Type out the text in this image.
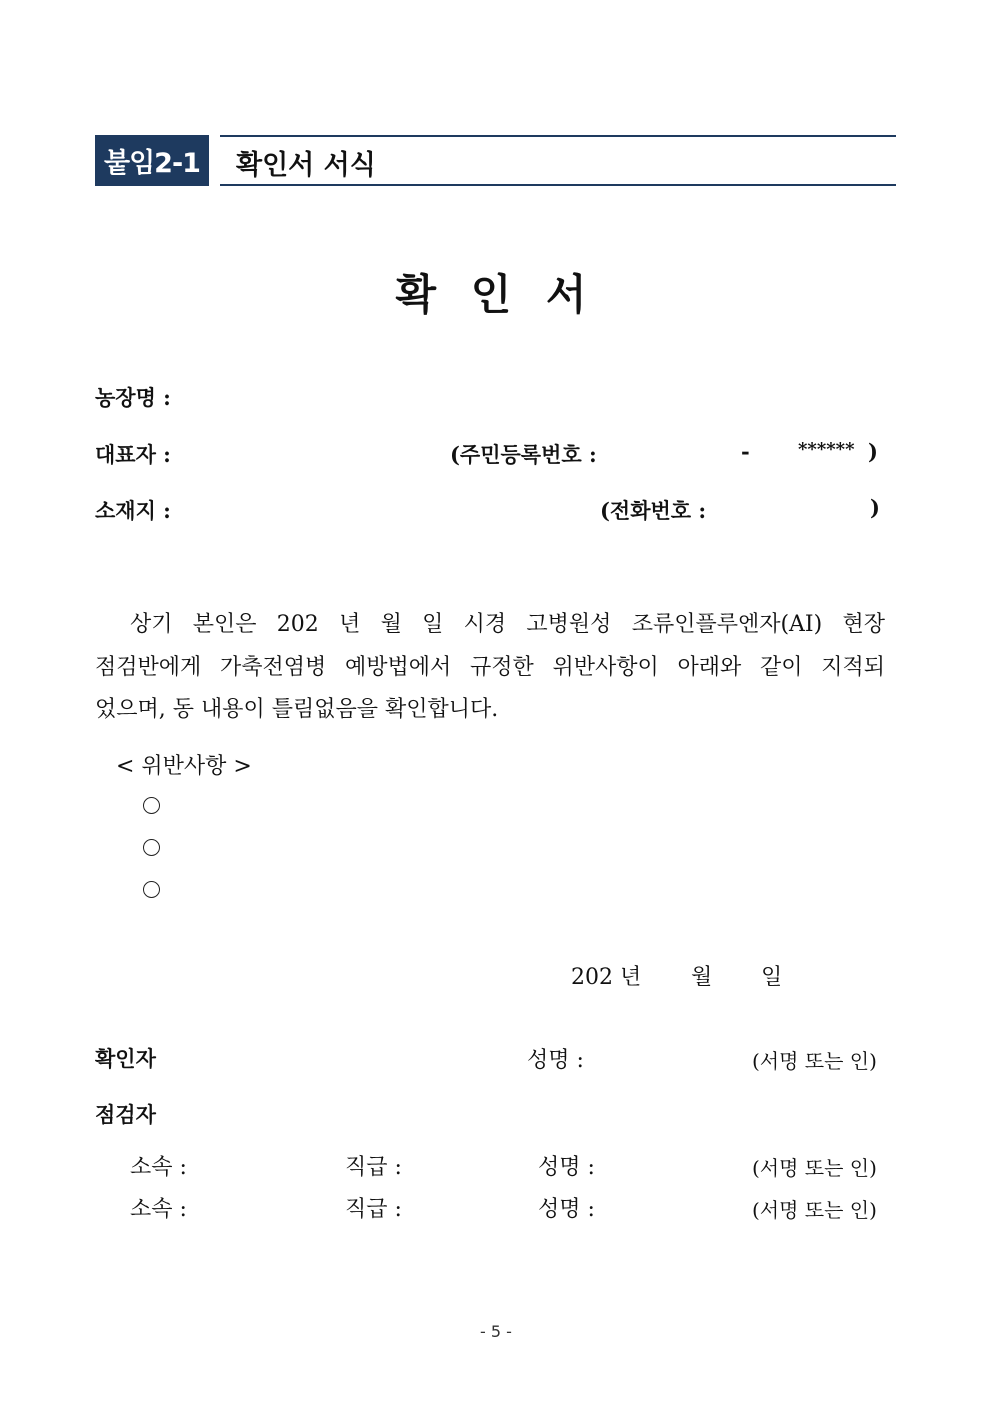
붙임2-1	확인서 서식
확 인 서
농장명 :
대표자 :	(주민등록번호 :	-	****** )
소재지 :	(전화번호 :	)
상기 본인은 202 년 월 일 시경 고병원성 조류인플루엔자(AI) 현장
점검반에게 가축전염병 예방법에서 규정한 위반사항이 아래와 같이 지적되
었으며, 동 내용이 틀림없음을 확인합니다.
< 위반사항 >
202 년 월 일
확인자	성명 :	(서명 또는 인)
점검자
소속 :	직급 :	성명 :	(서명 또는 인)
소속 :	직급 :	성명 :	(서명 또는 인)
- 5 -
